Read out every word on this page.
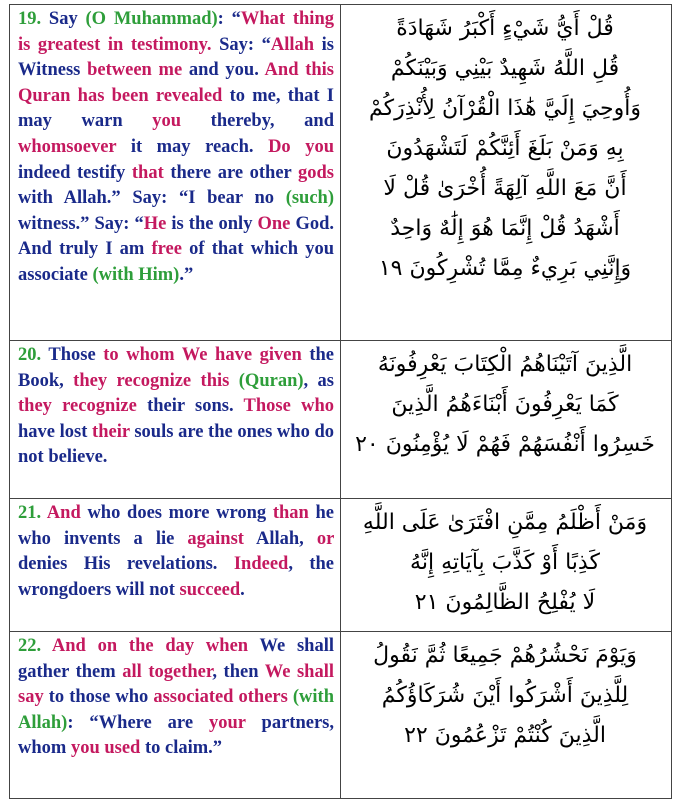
19. Say (O Muhammad): “What thing is greatest in testimony. Say: “Allah is Witness between me and you. And this Quran has been revealed to me, that I may warn you thereby, and whomsoever it may reach. Do you indeed testify that there are other gods with Allah.” Say: “I bear no (such) witness.” Say: “He is the only One God. And truly I am free of that which you associate (with Him).”
قُلْ أَيُّ شَيْءٍ أَكْبَرُ شَهَادَةً
قُلِ اللَّهُ شَهِيدٌ بَيْنِي وَبَيْنَكُمْ
وَأُوحِيَ إِلَيَّ هَٰذَا الْقُرْآنُ لِأُنْذِرَكُمْ
بِهِ وَمَنْ بَلَغَ أَئِنَّكُمْ لَتَشْهَدُونَ
أَنَّ مَعَ اللَّهِ آلِهَةً أُخْرَىٰ قُلْ لَا
أَشْهَدُ قُلْ إِنَّمَا هُوَ إِلَٰهٌ وَاحِدٌ
وَإِنَّنِي بَرِيءٌ مِمَّا تُشْرِكُونَ ١٩
20. Those to whom We have given the Book, they recognize this (Quran), as they recognize their sons. Those who have lost their souls are the ones who do not believe.
الَّذِينَ آتَيْنَاهُمُ الْكِتَابَ يَعْرِفُونَهُ
كَمَا يَعْرِفُونَ أَبْنَاءَهُمُ الَّذِينَ
خَسِرُوا أَنْفُسَهُمْ فَهُمْ لَا يُؤْمِنُونَ ٢٠
21. And who does more wrong than he who invents a lie against Allah, or denies His revelations. Indeed, the wrongdoers will not succeed.
وَمَنْ أَظْلَمُ مِمَّنِ افْتَرَىٰ عَلَى اللَّهِ
كَذِبًا أَوْ كَذَّبَ بِآيَاتِهِ إِنَّهُ
لَا يُفْلِحُ الظَّالِمُونَ ٢١
22. And on the day when We shall gather them all together, then We shall say to those who associated others (with Allah): “Where are your partners, whom you used to claim.”
وَيَوْمَ نَحْشُرُهُمْ جَمِيعًا ثُمَّ نَقُولُ
لِلَّذِينَ أَشْرَكُوا أَيْنَ شُرَكَاؤُكُمُ
الَّذِينَ كُنْتُمْ تَزْعُمُونَ ٢٢
